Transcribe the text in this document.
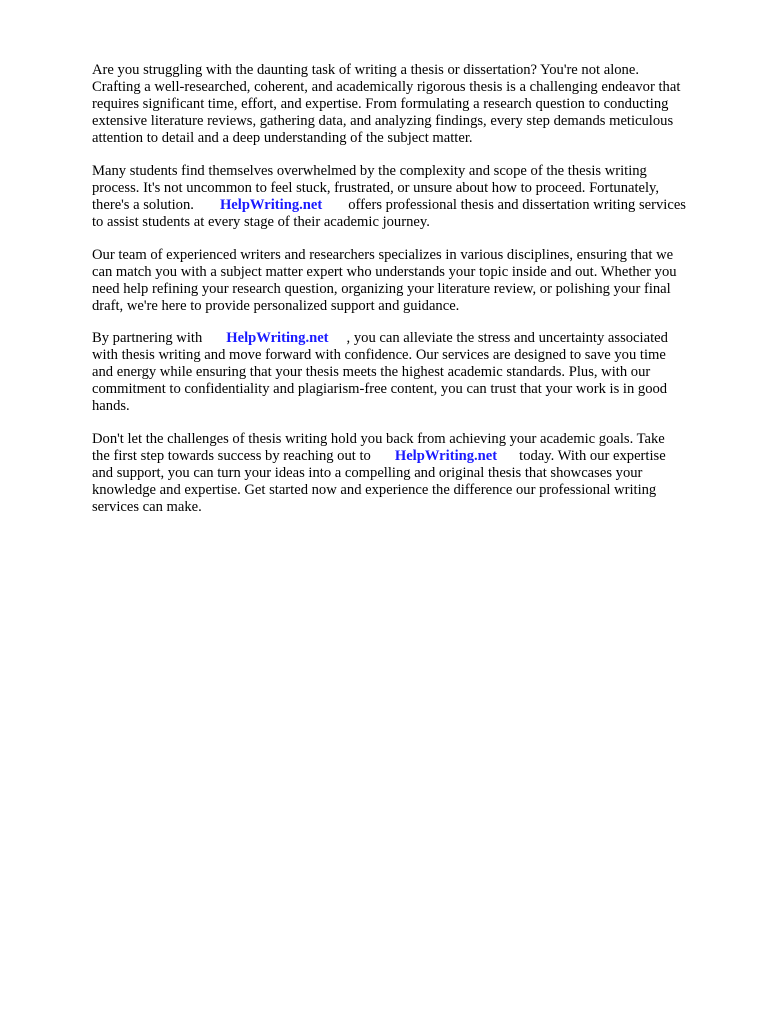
Are you struggling with the daunting task of writing a thesis or dissertation? You're not alone.
Crafting a well-researched, coherent, and academically rigorous thesis is a challenging endeavor that
requires significant time, effort, and expertise. From formulating a research question to conducting
extensive literature reviews, gathering data, and analyzing findings, every step demands meticulous
attention to detail and a deep understanding of the subject matter.

Many students find themselves overwhelmed by the complexity and scope of the thesis writing
process. It's not uncommon to feel stuck, frustrated, or unsure about how to proceed. Fortunately,
there's a solution. HelpWriting.net offers professional thesis and dissertation writing services
to assist students at every stage of their academic journey.

Our team of experienced writers and researchers specializes in various disciplines, ensuring that we
can match you with a subject matter expert who understands your topic inside and out. Whether you
need help refining your research question, organizing your literature review, or polishing your final
draft, we're here to provide personalized support and guidance.

By partnering with HelpWriting.net , you can alleviate the stress and uncertainty associated
with thesis writing and move forward with confidence. Our services are designed to save you time
and energy while ensuring that your thesis meets the highest academic standards. Plus, with our
commitment to confidentiality and plagiarism-free content, you can trust that your work is in good
hands.

Don't let the challenges of thesis writing hold you back from achieving your academic goals. Take
the first step towards success by reaching out to HelpWriting.net today. With our expertise
and support, you can turn your ideas into a compelling and original thesis that showcases your
knowledge and expertise. Get started now and experience the difference our professional writing
services can make.
